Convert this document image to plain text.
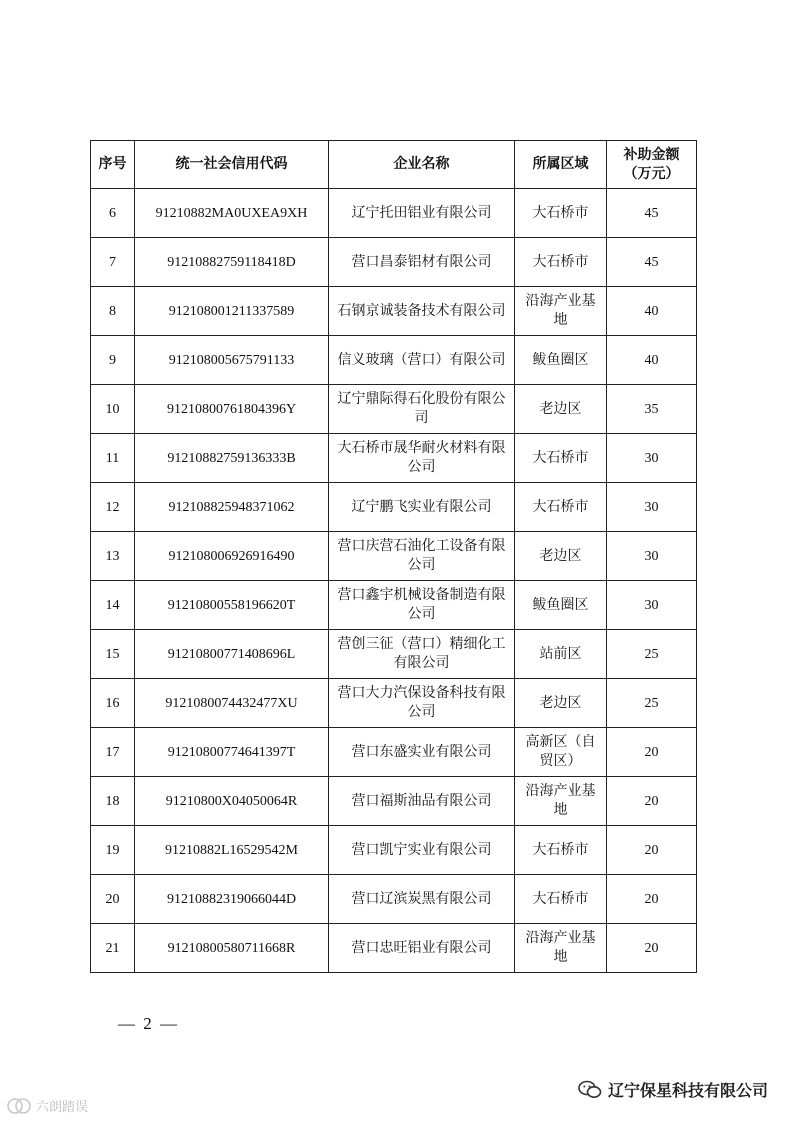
序号	统一社会信用代码	企业名称	所属区域	补助金额（万元）
6	91210882MA0UXEA9XH	辽宁托田铝业有限公司	大石桥市	45
7	91210882759118418D	营口昌泰铝材有限公司	大石桥市	45
8	912108001211337589	石钢京诚装备技术有限公司	沿海产业基地	40
9	912108005675791133	信义玻璃（营口）有限公司	鲅鱼圈区	40
10	91210800761804396Y	辽宁鼎际得石化股份有限公司	老边区	35
11	91210882759136333B	大石桥市晟华耐火材料有限公司	大石桥市	30
12	912108825948371062	辽宁鹏飞实业有限公司	大石桥市	30
13	912108006926916490	营口庆营石油化工设备有限公司	老边区	30
14	91210800558196620T	营口鑫宇机械设备制造有限公司	鲅鱼圈区	30
15	91210800771408696L	营创三征（营口）精细化工有限公司	站前区	25
16	9121080074432477XU	营口大力汽保设备科技有限公司	老边区	25
17	91210800774641397T	营口东盛实业有限公司	高新区（自贸区）	20
18	91210800X04050064R	营口福斯油品有限公司	沿海产业基地	20
19	91210882L16529542M	营口凯宁实业有限公司	大石桥市	20
20	91210882319066044D	营口辽滨炭黑有限公司	大石桥市	20
21	91210800580711668R	营口忠旺铝业有限公司	沿海产业基地	20
— 2 —
辽宁保星科技有限公司
六朗踏误
